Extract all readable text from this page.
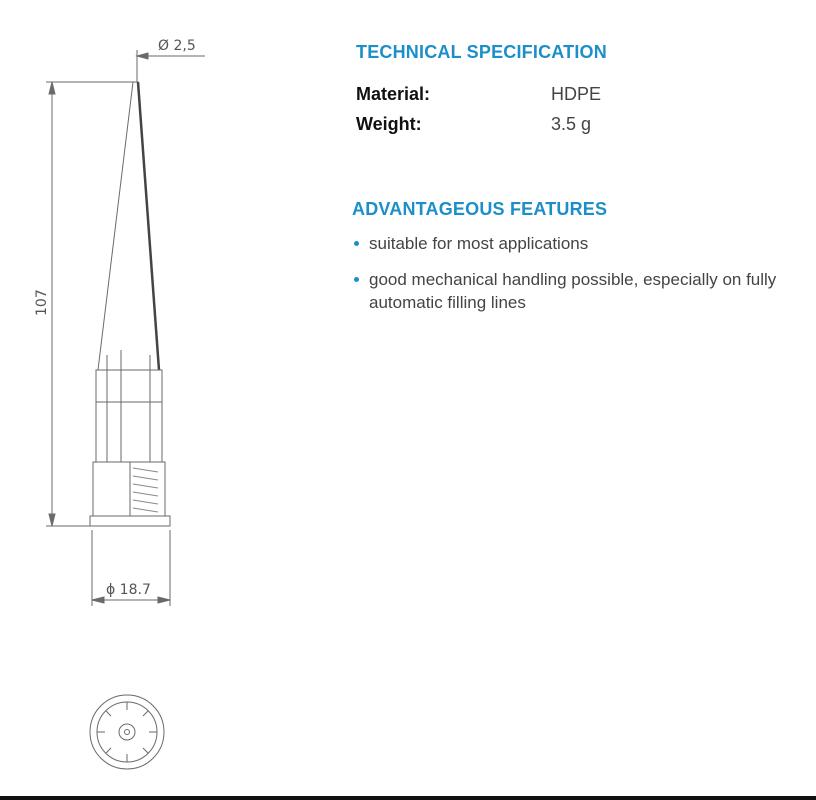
Ø 2,5
107
ϕ 18.7
TECHNICAL SPECIFICATION
Material:	HDPE
Weight:	3.5 g
ADVANTAGEOUS FEATURES
suitable for most applications
good mechanical handling possible, especially on fully automatic filling lines
